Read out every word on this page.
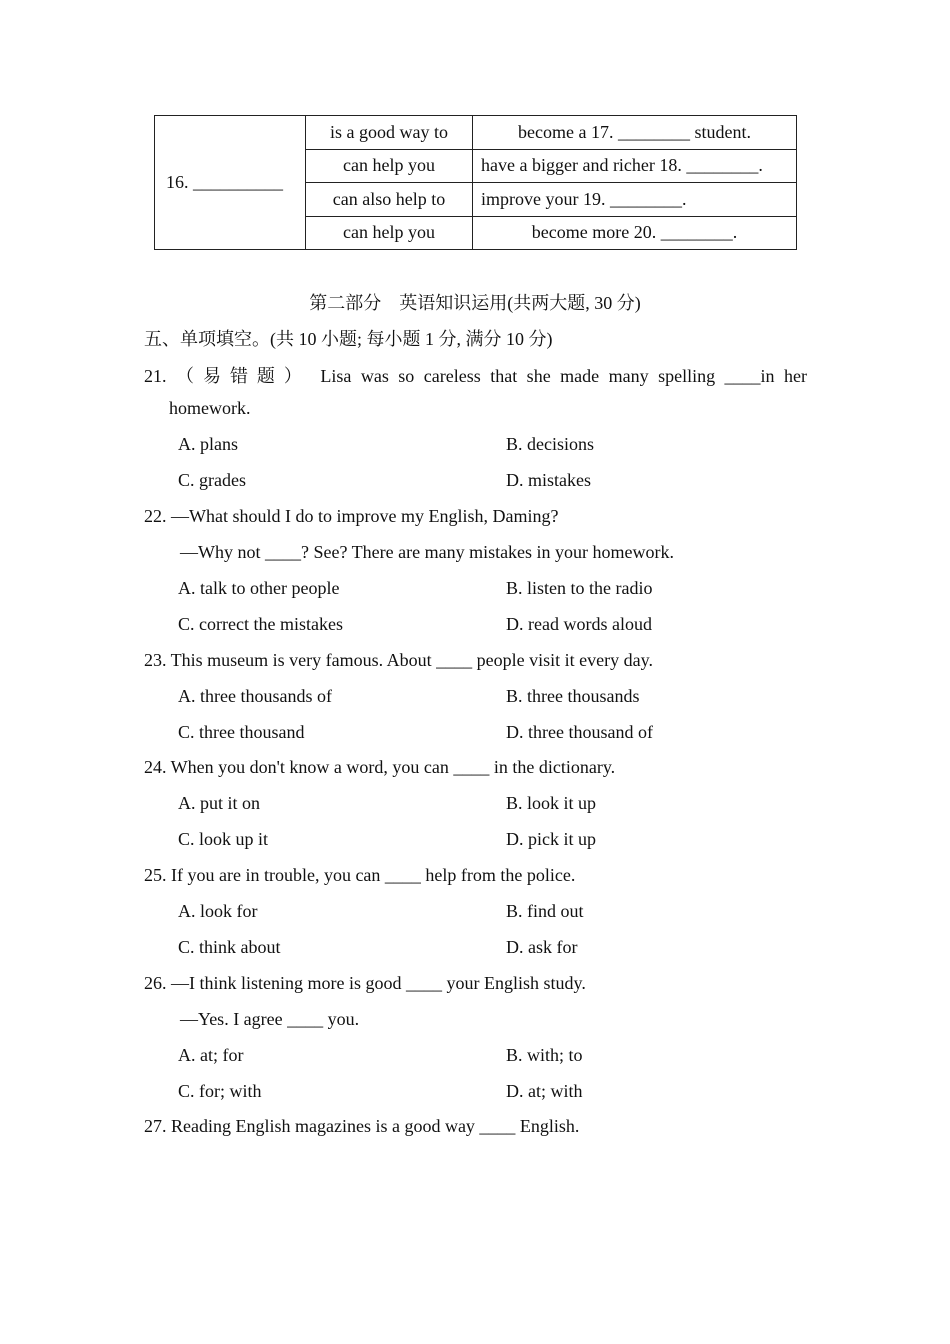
16. __________	is a good way to	become a 17. ________ student.
	can help you	have a bigger and richer 18. ________.
	can also help to	improve your 19. ________.
	can help you	become more 20. ________.
第二部分　英语知识运用(共两大题, 30 分)
五、单项填空。(共 10 小题; 每小题 1 分, 满分 10 分)
21. （易错题） Lisa was so careless that she made many spelling ____in her
homework.
A. plans	B. decisions
C. grades	D. mistakes
22. —What should I do to improve my English, Daming?
—Why not ____? See? There are many mistakes in your homework.
A. talk to other people	B. listen to the radio
C. correct the mistakes	D. read words aloud
23. This museum is very famous. About ____ people visit it every day.
A. three thousands of	B. three thousands
C. three thousand	D. three thousand of
24. When you don't know a word, you can ____ in the dictionary.
A. put it on	B. look it up
C. look up it	D. pick it up
25. If you are in trouble, you can ____ help from the police.
A. look for	B. find out
C. think about	D. ask for
26. —I think listening more is good ____ your English study.
—Yes. I agree ____ you.
A. at; for	B. with; to
C. for; with	D. at; with
27. Reading English magazines is a good way ____ English.
